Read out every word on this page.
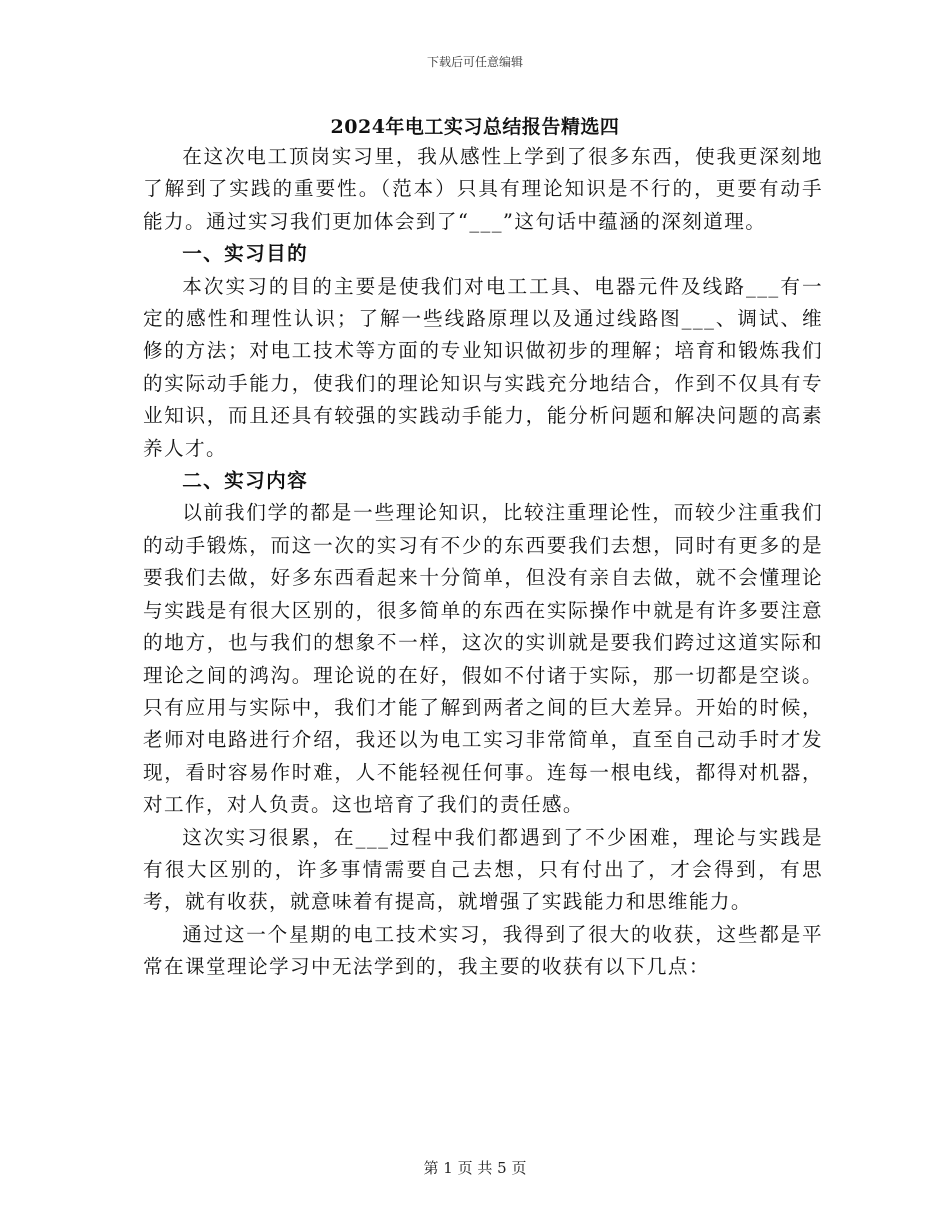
下载后可任意编辑
2024年电工实习总结报告精选四

在这次电工顶岗实习里，我从感性上学到了很多东西，使我更深刻地了解到了实践的重要性。（范本）只具有理论知识是不行的，更要有动手能力。通过实习我们更加体会到了“___”这句话中蕴涵的深刻道理。

一、实习目的

本次实习的目的主要是使我们对电工工具、电器元件及线路___有一定的感性和理性认识；了解一些线路原理以及通过线路图___、调试、维修的方法；对电工技术等方面的专业知识做初步的理解；培育和锻炼我们的实际动手能力，使我们的理论知识与实践充分地结合，作到不仅具有专业知识，而且还具有较强的实践动手能力，能分析问题和解决问题的高素养人才。

二、实习内容

以前我们学的都是一些理论知识，比较注重理论性，而较少注重我们的动手锻炼，而这一次的实习有不少的东西要我们去想，同时有更多的是要我们去做，好多东西看起来十分简单，但没有亲自去做，就不会懂理论与实践是有很大区别的，很多简单的东西在实际操作中就是有许多要注意的地方，也与我们的想象不一样，这次的实训就是要我们跨过这道实际和理论之间的鸿沟。理论说的在好，假如不付诸于实际，那一切都是空谈。只有应用与实际中，我们才能了解到两者之间的巨大差异。开始的时候，老师对电路进行介绍，我还以为电工实习非常简单，直至自己动手时才发现，看时容易作时难，人不能轻视任何事。连每一根电线，都得对机器，对工作，对人负责。这也培育了我们的责任感。

这次实习很累，在___过程中我们都遇到了不少困难，理论与实践是有很大区别的，许多事情需要自己去想，只有付出了，才会得到，有思考，就有收获，就意味着有提高，就增强了实践能力和思维能力。

通过这一个星期的电工技术实习，我得到了很大的收获，这些都是平常在课堂理论学习中无法学到的，我主要的收获有以下几点：

第 1 页 共 5 页
